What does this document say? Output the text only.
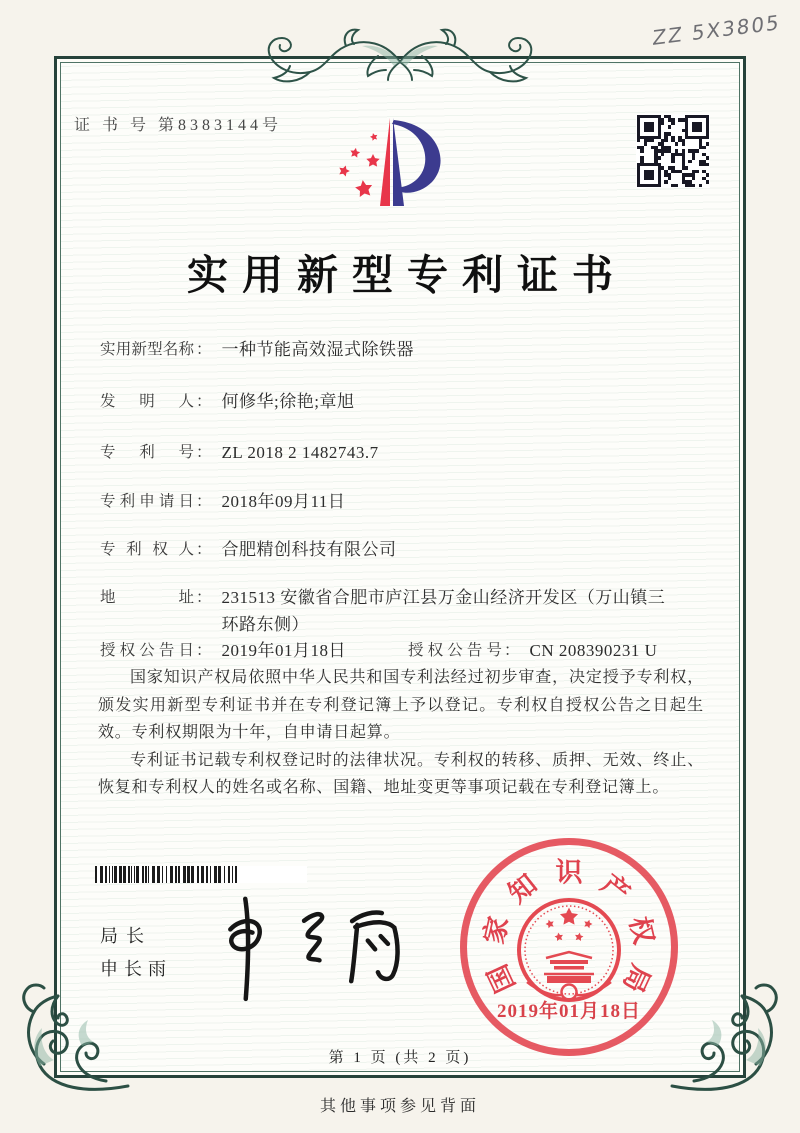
ZZ 5X3805
证 书 号 第8383144号
实用新型专利证书
实用新型名称 ： 一种节能高效湿式除铁器
发明人 ： 何修华;徐艳;章旭
专利号 ： ZL 2018 2 1482743.7
专利申请日 ： 2018年09月11日
专利权人 ： 合肥精创科技有限公司
地址 ： 231513 安徽省合肥市庐江县万金山经济开发区（万山镇三环路东侧）
授权公告日 ： 2019年01月18日	授权公告号 ： CN 208390231 U

国家知识产权局依照中华人民共和国专利法经过初步审查，决定授予专利权，颁发实用新型专利证书并在专利登记簿上予以登记。专利权自授权公告之日起生效。专利权期限为十年，自申请日起算。

专利证书记载专利权登记时的法律状况。专利权的转移、质押、无效、终止、恢复和专利权人的姓名或名称、国籍、地址变更等事项记载在专利登记簿上。

局长
申长雨	国
家
知 识 产
权
局
2019年01月18日
第 1 页 (共 2 页)
其他事项参见背面
